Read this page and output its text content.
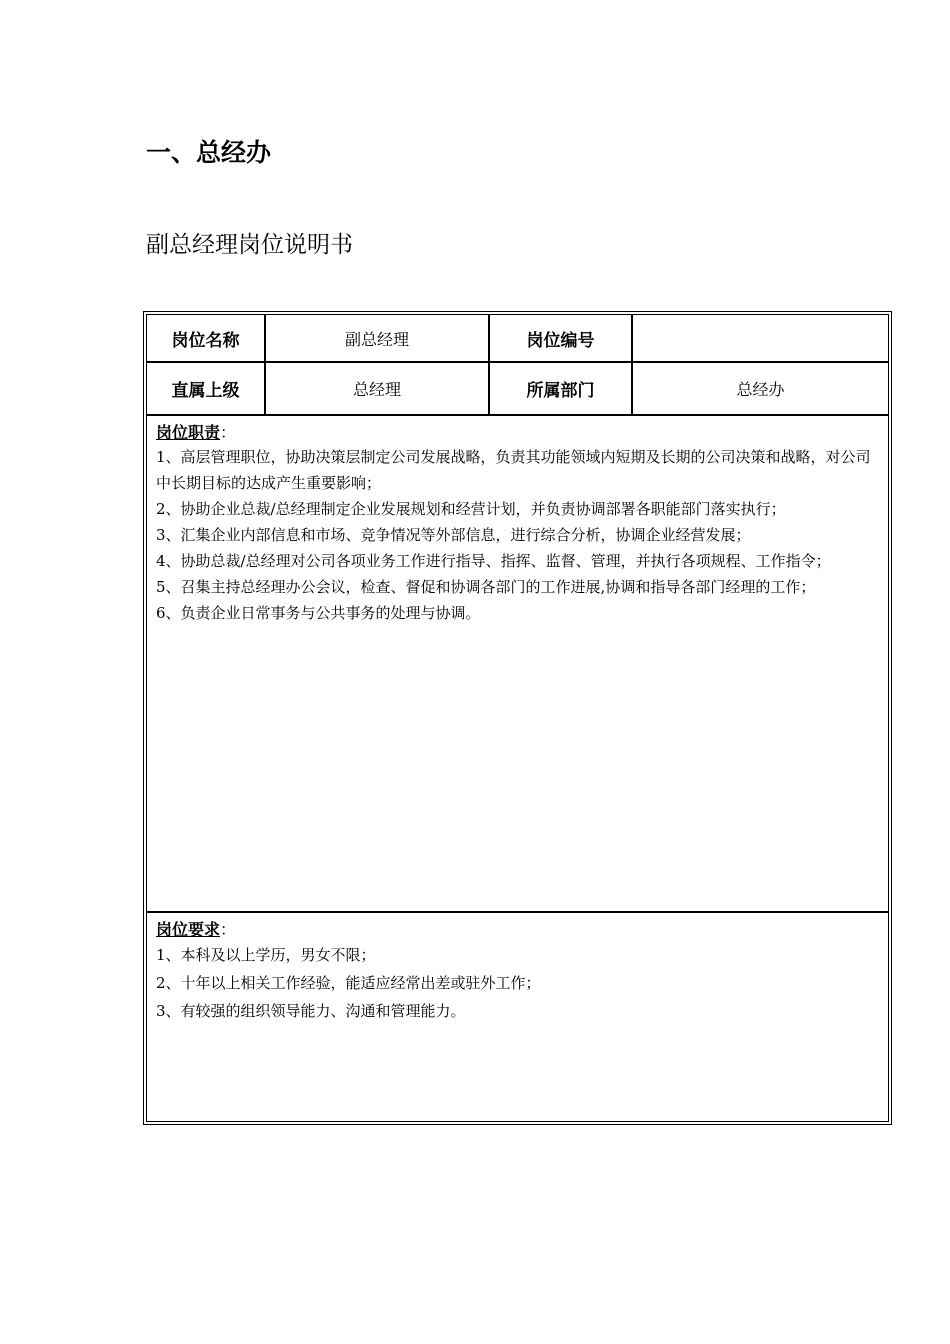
一、总经办
副总经理岗位说明书
岗位名称	副总经理	岗位编号
直属上级	总经理	所属部门	总经办

岗位职责：

1、高层管理职位，协助决策层制定公司发展战略，负责其功能领域内短期及长期的公司决策和战略，对公司中长期目标的达成产生重要影响；
2、协助企业总裁/总经理制定企业发展规划和经营计划，并负责协调部署各职能部门落实执行；
3、汇集企业内部信息和市场、竞争情况等外部信息，进行综合分析，协调企业经营发展；
4、协助总裁/总经理对公司各项业务工作进行指导、指挥、监督、管理，并执行各项规程、工作指令；
5、召集主持总经理办公会议，检查、督促和协调各部门的工作进展,协调和指导各部门经理的工作；
6、负责企业日常事务与公共事务的处理与协调。

岗位要求：

1、本科及以上学历，男女不限；
2、十年以上相关工作经验，能适应经常出差或驻外工作；
3、有较强的组织领导能力、沟通和管理能力。
